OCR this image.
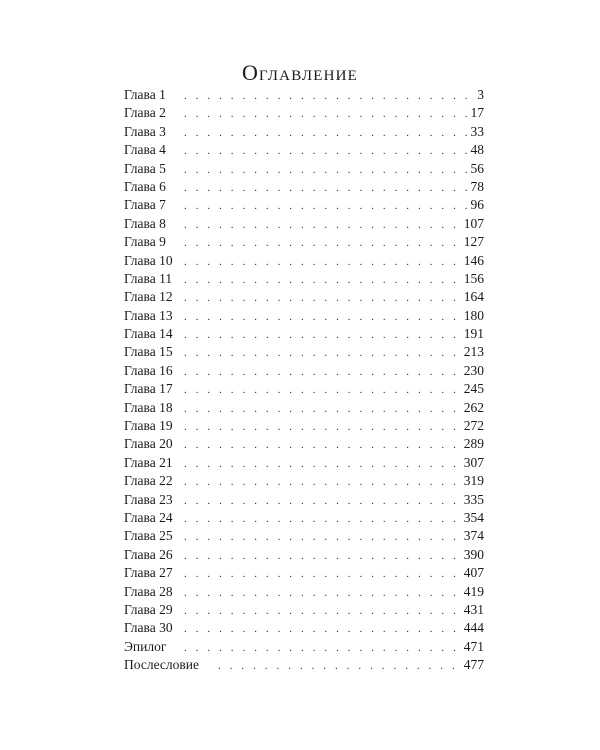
Оглавление
Глава 1 . . .	3
Глава 2 . . .	17
Глава 3 . . .	33
Глава 4 . . .	48
Глава 5 . . .	56
Глава 6 . . .	78
Глава 7 . . .	96
Глава 8 . . .	107
Глава 9 . . .	127
Глава 10 . . .	146
Глава 11 . . .	156
Глава 12 . . .	164
Глава 13 . . .	180
Глава 14 . . .	191
Глава 15 . . .	213
Глава 16 . . .	230
Глава 17 . . .	245
Глава 18 . . .	262
Глава 19 . . .	272
Глава 20 . . .	289
Глава 21 . . .	307
Глава 22 . . .	319
Глава 23 . . .	335
Глава 24 . . .	354
Глава 25 . . .	374
Глава 26 . . .	390
Глава 27 . . .	407
Глава 28 . . .	419
Глава 29 . . .	431
Глава 30 . . .	444
Эпилог . . .	471
Послесловие . . .	477
